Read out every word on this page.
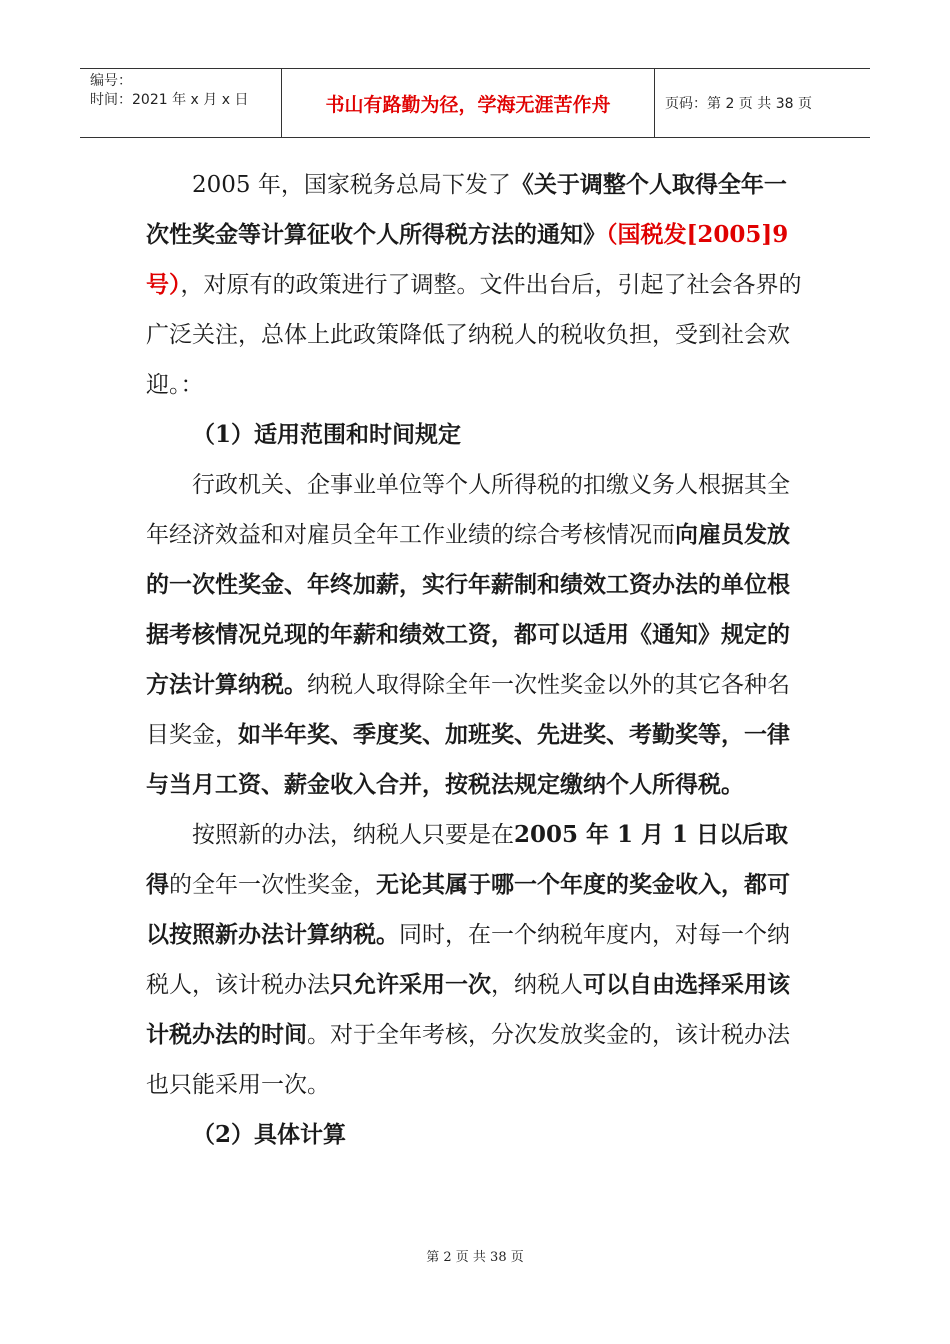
编号：
时间：2021 年 x 月 x 日	书山有路勤为径，学海无涯苦作舟	页码：第 2 页 共 38 页

2005 年，国家税务总局下发了《关于调整个人取得全年一次性奖金等计算征收个人所得税方法的通知》（国税发[2005]9 号），对原有的政策进行了调整。文件出台后，引起了社会各界的广泛关注，总体上此政策降低了纳税人的税收负担，受到社会欢迎。：

（1）适用范围和时间规定

行政机关、企事业单位等个人所得税的扣缴义务人根据其全年经济效益和对雇员全年工作业绩的综合考核情况而向雇员发放的一次性奖金、年终加薪，实行年薪制和绩效工资办法的单位根据考核情况兑现的年薪和绩效工资，都可以适用《通知》规定的方法计算纳税。纳税人取得除全年一次性奖金以外的其它各种名目奖金，如半年奖、季度奖、加班奖、先进奖、考勤奖等，一律与当月工资、薪金收入合并，按税法规定缴纳个人所得税。

按照新的办法，纳税人只要是在2005 年 1 月 1 日以后取得的全年一次性奖金，无论其属于哪一个年度的奖金收入，都可以按照新办法计算纳税。同时，在一个纳税年度内，对每一个纳税人，该计税办法只允许采用一次，纳税人可以自由选择采用该计税办法的时间。对于全年考核，分次发放奖金的，该计税办法也只能采用一次。

（2）具体计算

第 2 页 共 38 页
